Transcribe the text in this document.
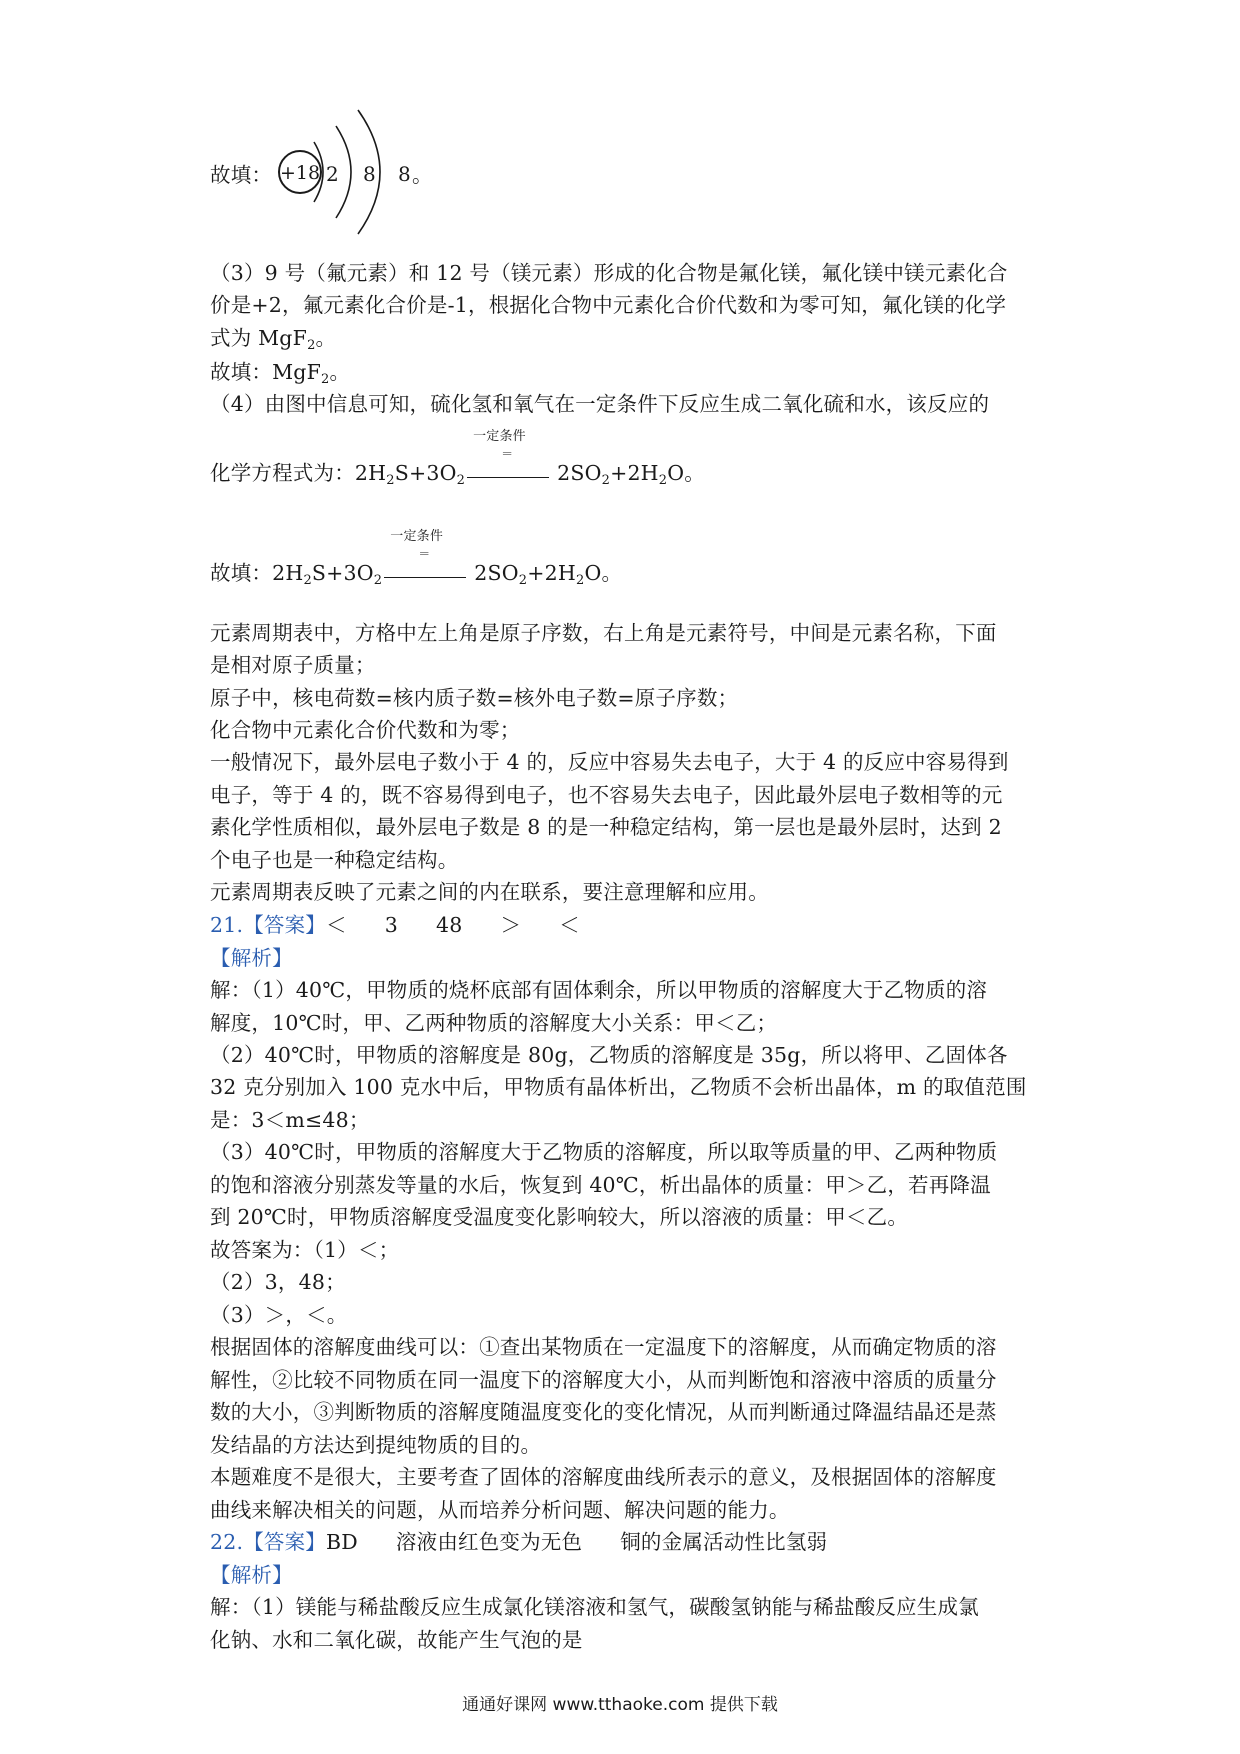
故填： +18 2 8 8 。
（3）9 号（氟元素）和 12 号（镁元素）形成的化合物是氟化镁，氟化镁中镁元素化合
价是+2，氟元素化合价是-1，根据化合物中元素化合价代数和为零可知，氟化镁的化学
式为 MgF$_2$。
故填：MgF$_2$。
（4）由图中信息可知，硫化氢和氧气在一定条件下反应生成二氧化硫和水，该反应的
化学方程式为：$2H_2S+3O_2$
一定条件
＝
$2SO_2+2H_2O$。
故填：$2H_2S+3O_2$
一定条件
＝
$2SO_2+2H_2O$。
元素周期表中，方格中左上角是原子序数，右上角是元素符号，中间是元素名称，下面
是相对原子质量；
原子中，核电荷数=核内质子数=核外电子数=原子序数；
化合物中元素化合价代数和为零；
一般情况下，最外层电子数小于 4 的，反应中容易失去电子，大于 4 的反应中容易得到
电子，等于 4 的，既不容易得到电子，也不容易失去电子，因此最外层电子数相等的元
素化学性质相似，最外层电子数是 8 的是一种稳定结构，第一层也是最外层时，达到 2
个电子也是一种稳定结构。
元素周期表反映了元素之间的内在联系，要注意理解和应用。
21.【答案】＜ 3 48 ＞ ＜
【解析】
解：（1）40℃，甲物质的烧杯底部有固体剩余，所以甲物质的溶解度大于乙物质的溶
解度，10℃时，甲、乙两种物质的溶解度大小关系：甲＜乙；
（2）40℃时，甲物质的溶解度是 80g，乙物质的溶解度是 35g，所以将甲、乙固体各
32 克分别加入 100 克水中后，甲物质有晶体析出，乙物质不会析出晶体，m 的取值范围
是：3＜m≤48；
（3）40℃时，甲物质的溶解度大于乙物质的溶解度，所以取等质量的甲、乙两种物质
的饱和溶液分别蒸发等量的水后，恢复到 40℃，析出晶体的质量：甲＞乙，若再降温
到 20℃时，甲物质溶解度受温度变化影响较大，所以溶液的质量：甲＜乙。
故答案为：（1）＜；
（2）3，48；
（3）＞，＜。
根据固体的溶解度曲线可以：①查出某物质在一定温度下的溶解度，从而确定物质的溶
解性，②比较不同物质在同一温度下的溶解度大小，从而判断饱和溶液中溶质的质量分
数的大小，③判断物质的溶解度随温度变化的变化情况，从而判断通过降温结晶还是蒸
发结晶的方法达到提纯物质的目的。
本题难度不是很大，主要考查了固体的溶解度曲线所表示的意义，及根据固体的溶解度
曲线来解决相关的问题，从而培养分析问题、解决问题的能力。
22.【答案】BD 溶液由红色变为无色 铜的金属活动性比氢弱
【解析】
解：（1）镁能与稀盐酸反应生成氯化镁溶液和氢气，碳酸氢钠能与稀盐酸反应生成氯
化钠、水和二氧化碳，故能产生气泡的是
通通好课网 www.tthaoke.com 提供下载
